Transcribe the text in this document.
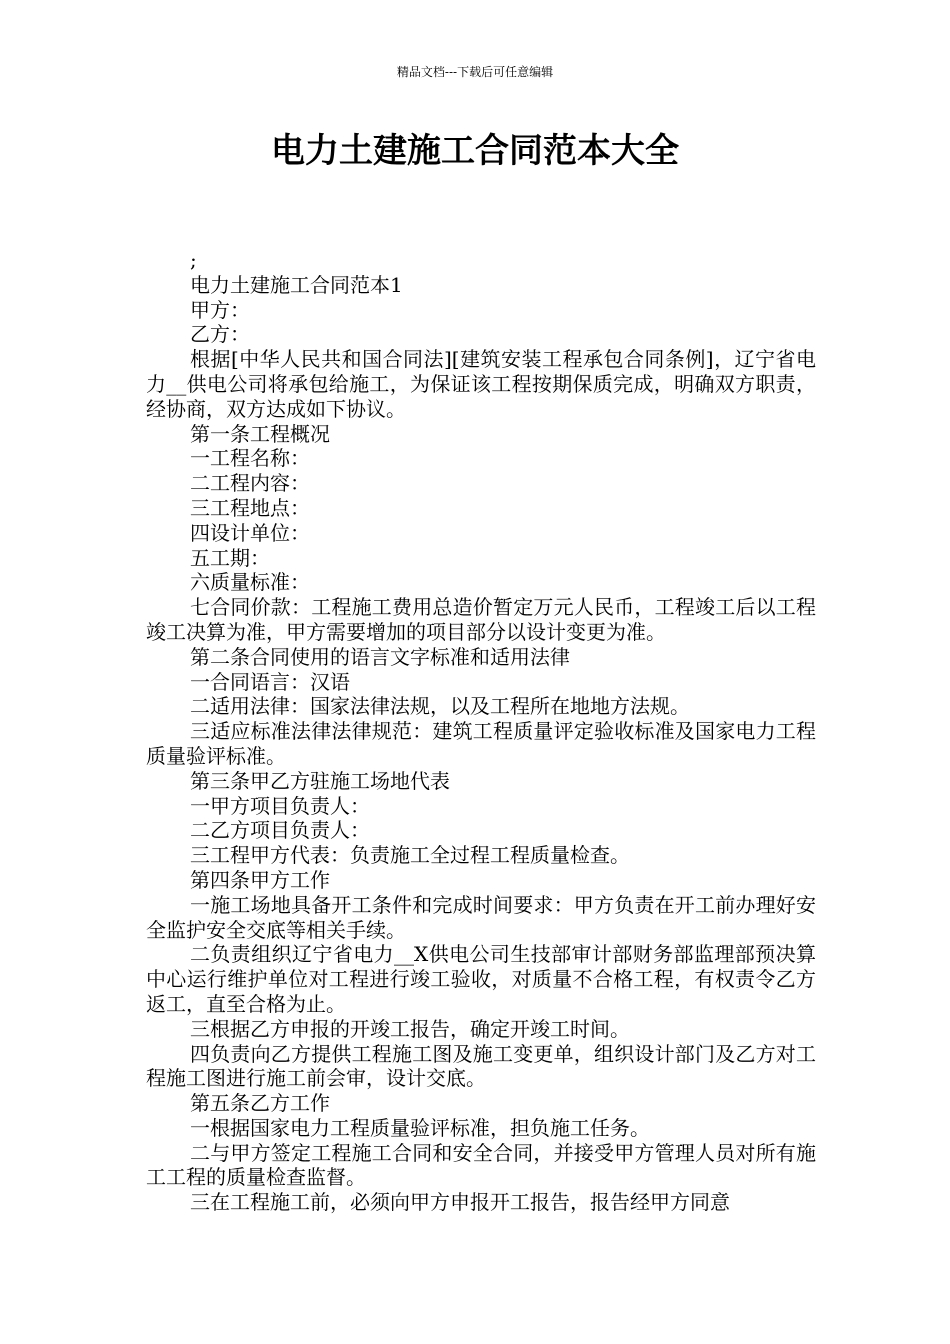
精品文档---下载后可任意编辑
电力土建施工合同范本大全

;

电力土建施工合同范本1

甲方：

乙方：

根据[中华人民共和国合同法][建筑安装工程承包合同条例]，辽宁省电力__供电公司将承包给施工，为保证该工程按期保质完成，明确双方职责，经协商，双方达成如下协议。

第一条工程概况

一工程名称：

二工程内容：

三工程地点：

四设计单位：

五工期：

六质量标准：

七合同价款：工程施工费用总造价暂定万元人民币，工程竣工后以工程竣工决算为准，甲方需要增加的项目部分以设计变更为准。

第二条合同使用的语言文字标准和适用法律

一合同语言：汉语

二适用法律：国家法律法规，以及工程所在地地方法规。

三适应标准法律法律规范：建筑工程质量评定验收标准及国家电力工程质量验评标准。

第三条甲乙方驻施工场地代表

一甲方项目负责人：

二乙方项目负责人：

三工程甲方代表：负责施工全过程工程质量检查。

第四条甲方工作

一施工场地具备开工条件和完成时间要求：甲方负责在开工前办理好安全监护安全交底等相关手续。

二负责组织辽宁省电力__X供电公司生技部审计部财务部监理部预决算中心运行维护单位对工程进行竣工验收，对质量不合格工程，有权责令乙方返工，直至合格为止。

三根据乙方申报的开竣工报告，确定开竣工时间。

四负责向乙方提供工程施工图及施工变更单，组织设计部门及乙方对工程施工图进行施工前会审，设计交底。

第五条乙方工作

一根据国家电力工程质量验评标准，担负施工任务。

二与甲方签定工程施工合同和安全合同，并接受甲方管理人员对所有施工工程的质量检查监督。

三在工程施工前，必须向甲方申报开工报告，报告经甲方同意
